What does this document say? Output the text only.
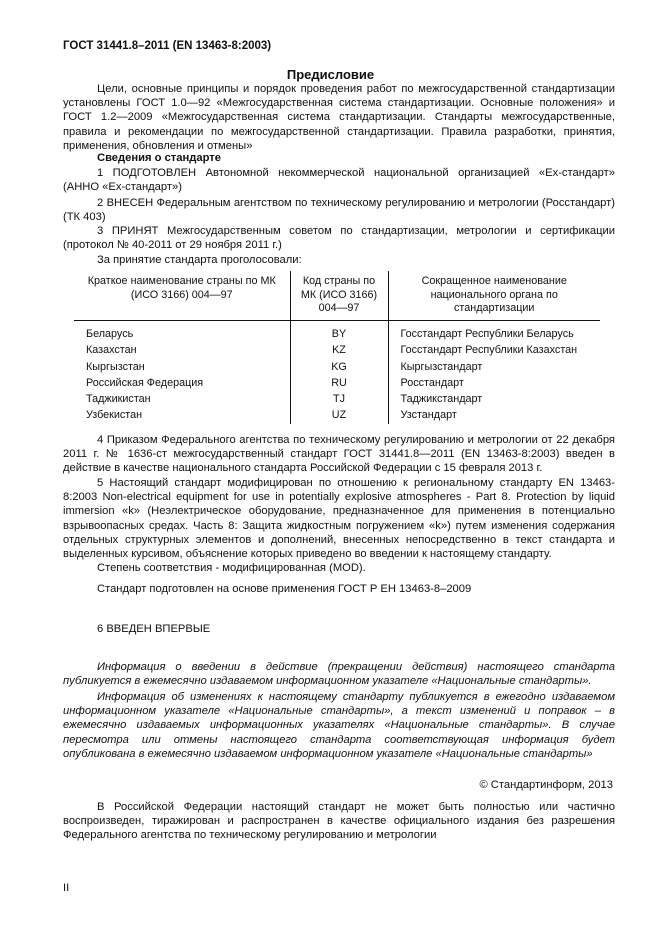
ГОСТ 31441.8–2011 (EN 13463-8:2003)
Предисловие

Цели, основные принципы и порядок проведения работ по межгосударственной стандартизации установлены ГОСТ 1.0—92 «Межгосударственная система стандартизации. Основные положения» и ГОСТ 1.2—2009 «Межгосударственная система стандартизации. Стандарты межгосударственные, правила и рекомендации по межгосударственной стандартизации. Правила разработки, принятия, применения, обновления и отмены»

Сведения о стандарте

1 ПОДГОТОВЛЕН Автономной некоммерческой национальной организацией «Ех-стандарт» (АННО «Ех-стандарт»)

2 ВНЕСЕН Федеральным агентством по техническому регулированию и метрологии (Росстандарт) (ТК 403)

3 ПРИНЯТ Межгосударственным советом по стандартизации, метрологии и сертификации (протокол № 40-2011 от 29 ноября 2011 г.)

За принятие стандарта проголосовали:
Краткое наименование страны по МК (ИСО 3166) 004—97	Код страны по МК (ИСО 3166) 004—97	Сокращенное наименование национального органа по стандартизации

Беларусь	BY	Госстандарт Республики Беларусь
Казахстан	KZ	Госстандарт Республики Казахстан
Кыргызстан	KG	Кыргызстандарт
Российская Федерация	RU	Росстандарт
Таджикистан	TJ	Таджикстандарт
Узбекистан	UZ	Узстандарт

4 Приказом Федерального агентства по техническому регулированию и метрологии от 22 декабря 2011 г. № 1636-ст межгосударственный стандарт ГОСТ 31441.8—2011 (EN 13463-8:2003) введен в действие в качестве национального стандарта Российской Федерации с 15 февраля 2013 г.

5 Настоящий стандарт модифицирован по отношению к региональному стандарту EN 13463-8:2003 Non-electrical equipment for use in potentially explosive atmospheres - Part 8. Protection by liquid immersion «k» (Неэлектрическое оборудование, предназначенное для применения в потенциально взрывоопасных средах. Часть 8: Защита жидкостным погружением «k») путем изменения содержания отдельных структурных элементов и дополнений, внесенных непосредственно в текст стандарта и выделенных курсивом, объяснение которых приведено во введении к настоящему стандарту.

Степень соответствия - модифицированная (MOD).

Стандарт подготовлен на основе применения ГОСТ Р ЕН 13463-8–2009

6 ВВЕДЕН ВПЕРВЫЕ

Информация о введении в действие (прекращении действия) настоящего стандарта публикуется в ежемесячно издаваемом информационном указателе «Национальные стандарты».

Информация об изменениях к настоящему стандарту публикуется в ежегодно издаваемом информационном указателе «Национальные стандарты», а текст изменений и поправок – в ежемесячно издаваемых информационных указателях «Национальные стандарты». В случае пересмотра или отмены настоящего стандарта соответствующая информация будет опубликована в ежемесячно издаваемом информационном указателе «Национальные стандарты»

© Стандартинформ, 2013

В Российской Федерации настоящий стандарт не может быть полностью или частично воспроизведен, тиражирован и распространен в качестве официального издания без разрешения Федерального агентства по техническому регулированию и метрологии

II
